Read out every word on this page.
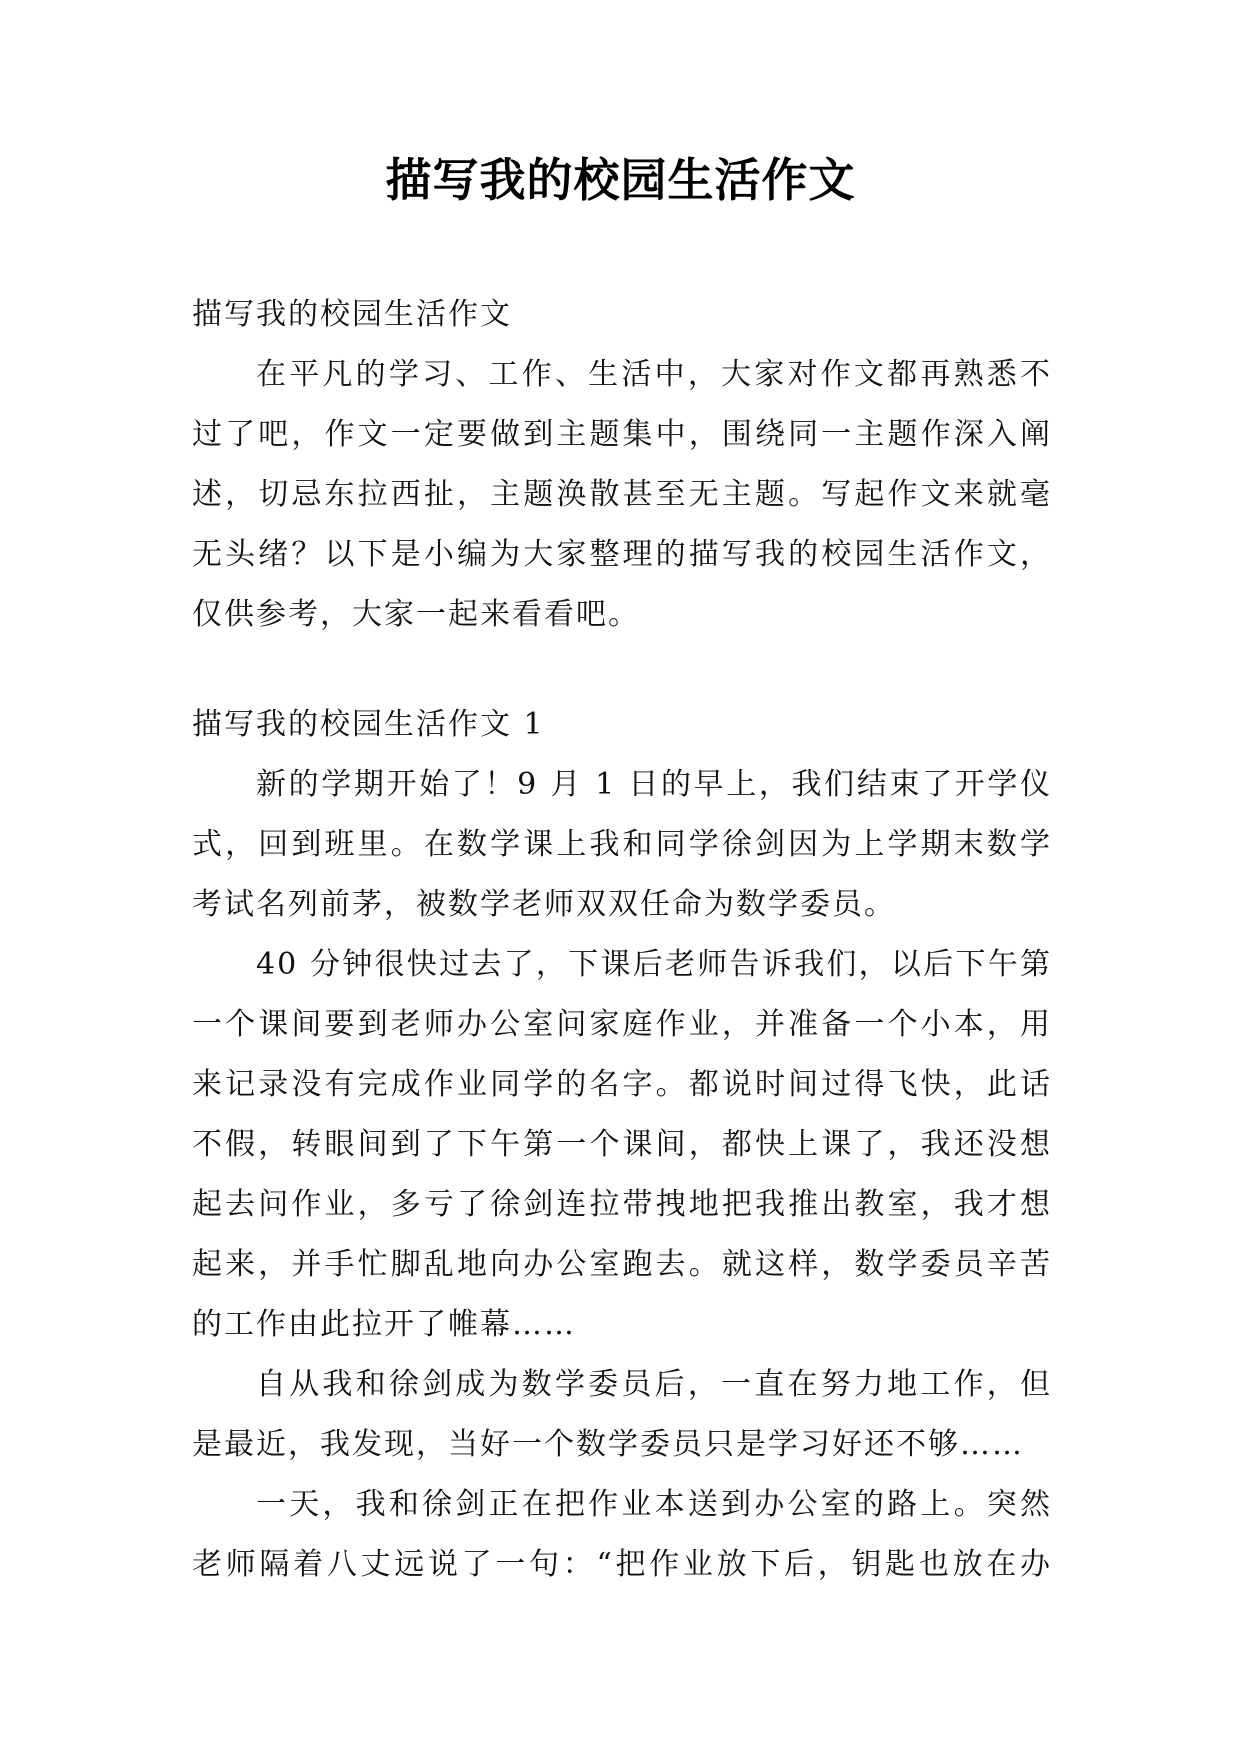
描写我的校园生活作文
描写我的校园生活作文
在平凡的学习、工作、生活中，大家对作文都再熟悉不
过了吧，作文一定要做到主题集中，围绕同一主题作深入阐
述，切忌东拉西扯，主题涣散甚至无主题。写起作文来就毫
无头绪？以下是小编为大家整理的描写我的校园生活作文，
仅供参考，大家一起来看看吧。
描写我的校园生活作文 1
新的学期开始了！9 月 1 日的早上，我们结束了开学仪
式，回到班里。在数学课上我和同学徐剑因为上学期末数学
考试名列前茅，被数学老师双双任命为数学委员。
40 分钟很快过去了，下课后老师告诉我们，以后下午第
一个课间要到老师办公室问家庭作业，并准备一个小本，用
来记录没有完成作业同学的名字。都说时间过得飞快，此话
不假，转眼间到了下午第一个课间，都快上课了，我还没想
起去问作业，多亏了徐剑连拉带拽地把我推出教室，我才想
起来，并手忙脚乱地向办公室跑去。就这样，数学委员辛苦
的工作由此拉开了帷幕……
自从我和徐剑成为数学委员后，一直在努力地工作，但
是最近，我发现，当好一个数学委员只是学习好还不够……
一天，我和徐剑正在把作业本送到办公室的路上。突然
老师隔着八丈远说了一句：“把作业放下后，钥匙也放在办
